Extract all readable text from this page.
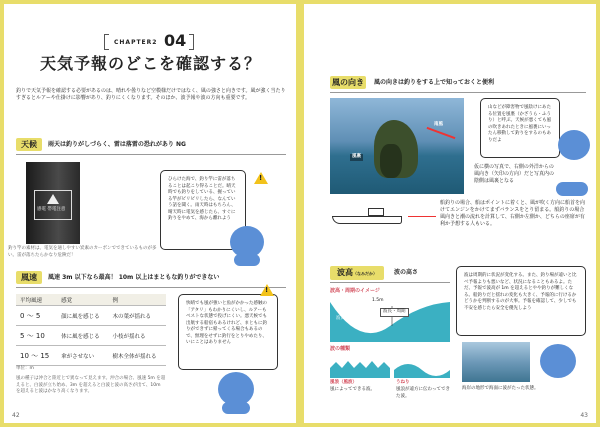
CHAPTER2 04
天気予報のどこを確認する？
釣りで天気予報を確認する必要があるのは、晴れや曇りなど空模様だけではなく、風の強さと向きです。風が強く当たりすぎるとルアーや仕掛けに影響があり、釣りにくくなります。そのほか、波予報や波の方向も重要です。
天候	雨天は釣りがしづらく、雷は落雷の恐れがあり NG
感電 帯電注意
釣り竿の素材は、電気を通しやすい炭素のカーボンでできているものが多い。雷が落ちたらかなり危険だ！
ひらけた海で、釣り竿に雷が落ちることは起こり得ることだ。晴天時でも釣りをしている、握っている竿がビリビリしたら、なんていう話を聞く。雨天時はもちろん、晴天時に電気を感じたら、すぐに釣りをやめて、海から離れよう
!
風速	風速 3m 以下なら最高！ 10m 以上はまともな釣りができない
平均風速	感覚	例
0 〜 5	顔に風を感じる	木の葉が揺れる
5 〜 10	体に風を感じる	小枝が揺れる
10 〜 15	傘がさせない	樹木全体が揺れる
単位：m
風の種子は沖合と陸近とで異なって見えます。沖合の場合、風速 5m を超えると、白波が立ち始め、3m を超えると白波と波の高さが出て、10m を超えると波はかなり高くなります。
快晴でも風が強いと魚がかかった感触の「アタリ」もわかりにくいし、ルアーもベストな状態で投げにくい。悪天候でも出航する船宿もあるけれど、まともに釣りができずに帰ってくる場合もあるので、無理をせずに釣行をとりやめたり、いにことはありません
!
42
風の向き	風の向きは釣りをする上で知っておくと便利
南風
風裏
山などが障害物で風陰けにあたる位置を風裏（かざうら・ふうり）と呼ぶ。天候が悪くても風の吹きあれたときに風裏にいったん移動して釣りをするのもありだよ
仮に横の写真で、右側の外洋からの風向き（矢印の方向）だと写真内の陰側は風裏となる
船釣りの場合、船はポイントに着くと、風が吹く方向に船首を向けてエンジンをかけてまずバランスをとり留まる。船釣りの場合風向きと潮の流れを計算して、右側か左側か、どちらの座席が有利か予想する人もいる。
波高（なみだか）	波の高さ
波高・周期のイメージ
1.5m
波長・周期
波高
波の種類
風浪（風波）
風によってできる波。
うねり
風浪が遠方に伝わってできた波。
波は周期的に状況が変化する。また、釣り場が遠いと比べ予報よりも悪いなど、状況になることもあるよ。ただ、予報で波高が 1m を超えるとやや釣りが難しくなる。船釣りだと揺れの変化も大きく、予報的に行けるかどうかを判断するのが大事。予報を確認して、少しでも不安を感じたら安全を優先しよう
海岸の地形で海面に波がたった状態。
43
